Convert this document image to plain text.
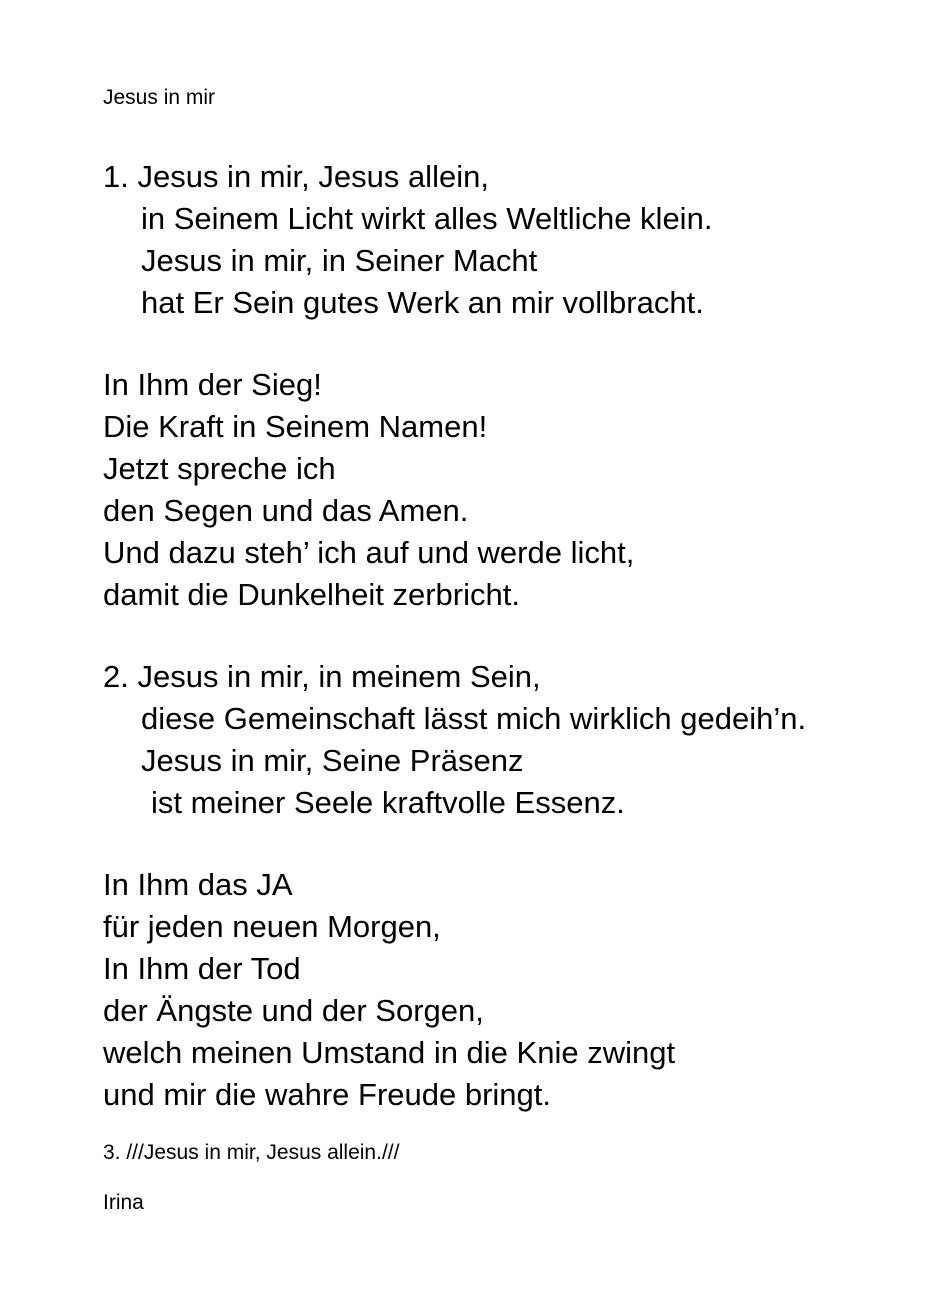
Jesus in mir
1. Jesus in mir, Jesus allein,
in Seinem Licht wirkt alles Weltliche klein.
Jesus in mir, in Seiner Macht
hat Er Sein gutes Werk an mir vollbracht.
In Ihm der Sieg!
Die Kraft in Seinem Namen!
Jetzt spreche ich
den Segen und das Amen.
Und dazu steh’ ich auf und werde licht,
damit die Dunkelheit zerbricht.
2. Jesus in mir, in meinem Sein,
diese Gemeinschaft lässt mich wirklich gedeih’n.
Jesus in mir, Seine Präsenz
ist meiner Seele kraftvolle Essenz.
In Ihm das JA
für jeden neuen Morgen,
In Ihm der Tod
der Ängste und der Sorgen,
welch meinen Umstand in die Knie zwingt
und mir die wahre Freude bringt.
3. ///Jesus in mir, Jesus allein.///
Irina
